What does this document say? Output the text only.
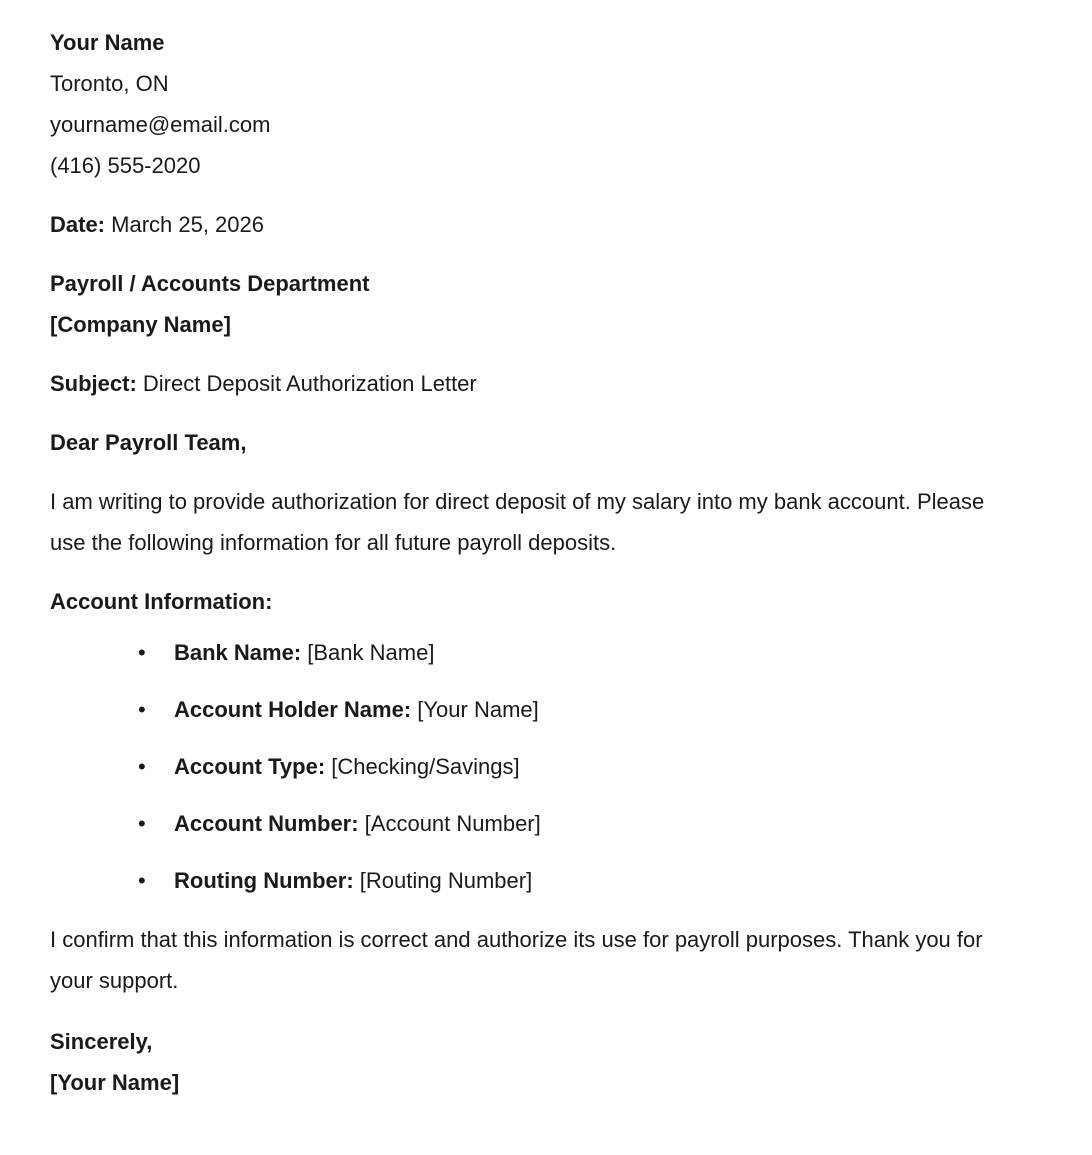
Your Name
Toronto, ON
yourname@email.com
(416) 555-2020
Date: March 25, 2026
Payroll / Accounts Department
[Company Name]
Subject: Direct Deposit Authorization Letter
Dear Payroll Team,

I am writing to provide authorization for direct deposit of my salary into my bank account. Please use the following information for all future payroll deposits.

Account Information:
• Bank Name: [Bank Name]
• Account Holder Name: [Your Name]
• Account Type: [Checking/Savings]
• Account Number: [Account Number]
• Routing Number: [Routing Number]

I confirm that this information is correct and authorize its use for payroll purposes. Thank you for your support.

Sincerely,
[Your Name]
